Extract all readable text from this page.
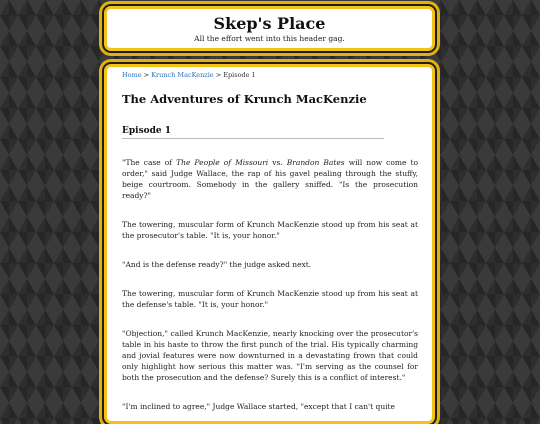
Skep's Place
All the effort went into this header gag.
Home > Krunch MacKenzie > Episode 1
The Adventures of Krunch MacKenzie
Episode 1

"The case of The People of Missouri vs. Brandon Bates will now come to order," said Judge Wallace, the rap of his gavel pealing through the stuffy, beige courtroom. Somebody in the gallery sniffed. "Is the prosecution ready?"

The towering, muscular form of Krunch MacKenzie stood up from his seat at the prosecutor's table. "It is, your honor."

"And is the defense ready?" the judge asked next.

The towering, muscular form of Krunch MacKenzie stood up from his seat at the defense's table. "It is, your honor."

"Objection," called Krunch MacKenzie, nearly knocking over the prosecutor's table in his haste to throw the first punch of the trial. His typically charming and jovial features were now downturned in a devastating frown that could only highlight how serious this matter was. "I'm serving as the counsel for both the prosecution and the defense? Surely this is a conflict of interest."

"I'm inclined to agree," Judge Wallace started, "except that I can't quite
